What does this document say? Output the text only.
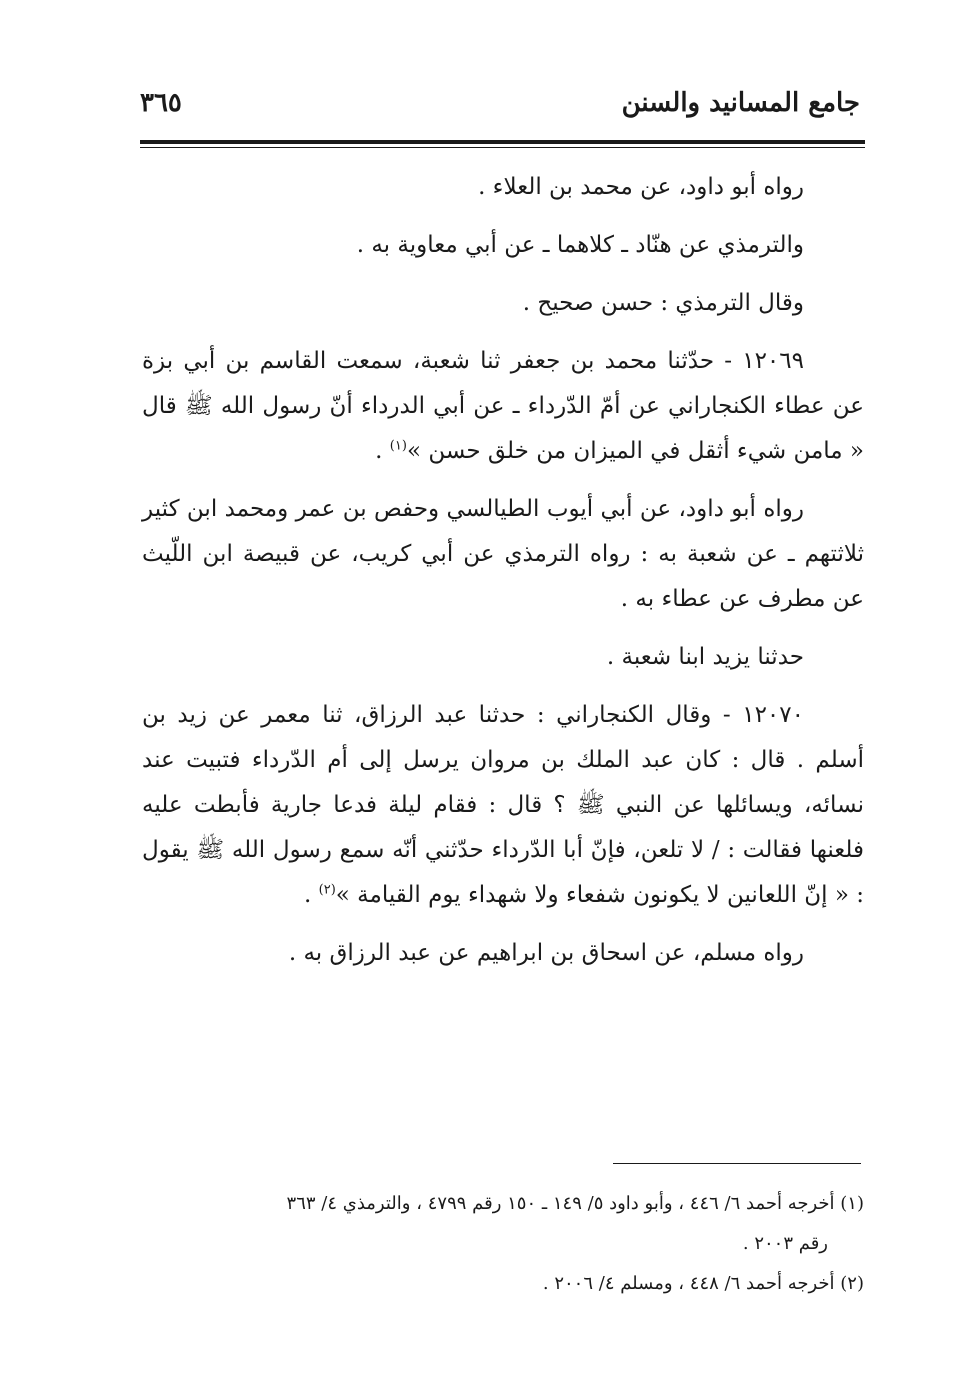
جامع المسانيد والسنن
٣٦٥

رواه أبو داود، عن محمد بن العلاء .

والترمذي عن هنّاد ـ كلاهما ـ عن أبي معاوية به .

وقال الترمذي : حسن صحيح .

١٢٠٦٩ - حدّثنا محمد بن جعفر ثنا شعبة، سمعت القاسم بن أبي بزة عن عطاء الكنجاراني عن أمّ الدّرداء ـ عن أبي الدرداء أنّ رسول الله ﷺ قال « مامن شيء أثقل في الميزان من خلق حسن »$^{(١)}$ .

رواه أبو داود، عن أبي أيوب الطيالسي وحفص بن عمر ومحمد ابن كثير ثلاثتهم ـ عن شعبة به : رواه الترمذي عن أبي كريب، عن قبيصة ابن اللّيث عن مطرف عن عطاء به .

حدثنا يزيد ابنا شعبة .

١٢٠٧٠ - وقال الكنجاراني : حدثنا عبد الرزاق، ثنا معمر عن زيد بن أسلم . قال : كان عبد الملك بن مروان يرسل إلى أم الدّرداء فتبيت عند نسائه، ويسائلها عن النبي ﷺ ؟ قال : فقام ليلة فدعا جارية فأبطت عليه فلعنها فقالت : / لا تلعن، فإنّ أبا الدّرداء حدّثني أنّه سمع رسول الله ﷺ يقول : « إنّ اللعانين لا يكونون شفعاء ولا شهداء يوم القيامة »$^{(٢)}$ .

رواه مسلم، عن اسحاق بن ابراهيم عن عبد الرزاق به .

(١) أخرجه أحمد ٦/ ٤٤٦ ، وأبو داود ٥/ ١٤٩ ـ ١٥٠ رقم ٤٧٩٩ ، والترمذي ٤/ ٣٦٣

رقم ٢٠٠٣ .

(٢) أخرجه أحمد ٦/ ٤٤٨ ، ومسلم ٤/ ٢٠٠٦ .
